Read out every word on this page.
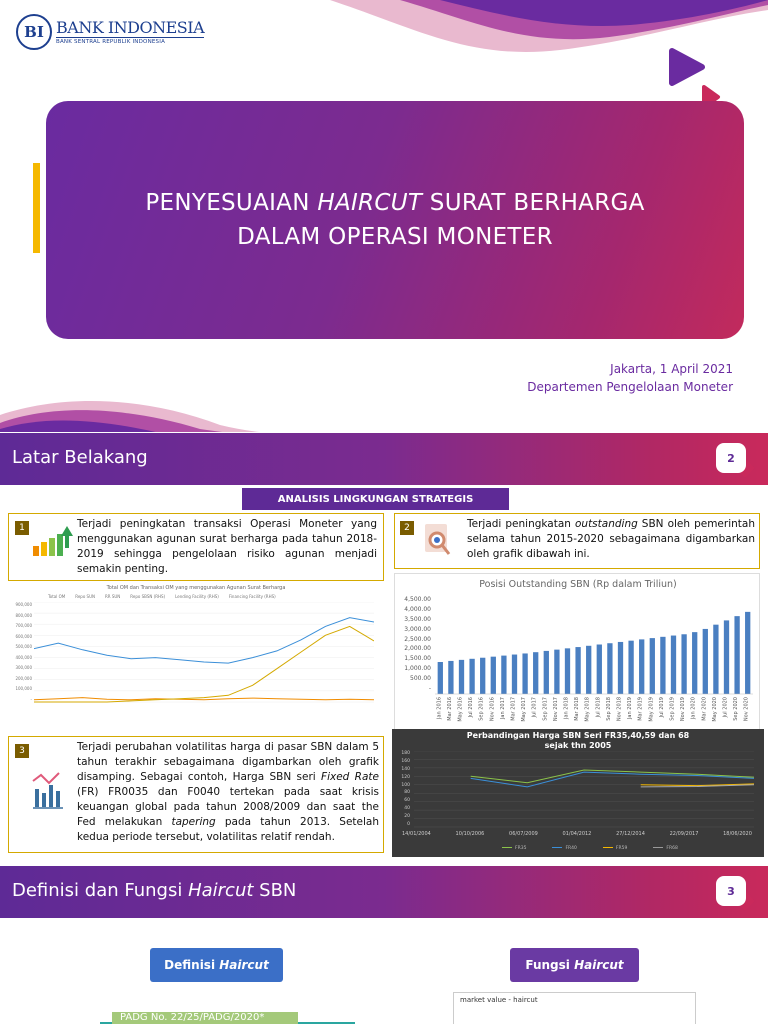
BI BANK INDONESIA
BANK SENTRAL REPUBLIK INDONESIA
PENYESUAIAN HAIRCUT SURAT BERHARGA
DALAM OPERASI MONETER
Jakarta, 1 April 2021
Departemen Pengelolaan Moneter
Latar Belakang	2
ANALISIS LINGKUNGAN STRATEGIS
1	Terjadi peningkatan transaksi Operasi Moneter yang menggunakan agunan surat berharga pada tahun 2018-2019 sehingga pengelolaan risiko agunan menjadi semakin penting.
2	Terjadi peningkatan outstanding SBN oleh pemerintah selama tahun 2015-2020 sebagaimana digambarkan oleh grafik dibawah ini.
Total OM dan Transaksi OM yang menggunakan Agunan Surat Berharga
Total OM	Repo SUN	RR SUN	Repo SBSN (RHS)	Lending Facility (RHS)	Financing Facility (RHS)
900,000
800,000
700,000
600,000
500,000
400,000
300,000
200,000
100,000
-
Posisi Outstanding SBN (Rp dalam Triliun)
4,500.00
4,000.00
3,500.00
3,000.00
2,500.00
2,000.00
1,500.00
1,000.00
500.00
-
Jan 2016 Mar 2016 May 2016 Jul 2016 Sep 2016 Nov 2016 Jan 2017 Mar 2017 May 2017 Jul 2017 Sep 2017 Nov 2017 Jan 2018 Mar 2018 May 2018 Jul 2018 Sep 2018 Nov 2018 Jan 2019 Mar 2019 May 2019 Jul 2019 Sep 2019 Nov 2019 Jan 2020 Mar 2020 May 2020 Jul 2020 Sep 2020 Nov 2020
3	Terjadi perubahan volatilitas harga di pasar SBN dalam 5 tahun terakhir sebagaimana digambarkan oleh grafik disamping. Sebagai contoh, Harga SBN seri Fixed Rate (FR) FR0035 dan F0040 tertekan pada saat krisis keuangan global pada tahun 2008/2009 dan saat the Fed melakukan tapering pada tahun 2013. Setelah kedua periode tersebut, volatilitas relatif rendah.
Perbandingan Harga SBN Seri FR35,40,59 dan 68
sejak thn 2005
180
160
140
120
100
80
60
40
20
0
14/01/2004	10/10/2006	06/07/2009	01/04/2012	27/12/2014	22/09/2017	18/06/2020
FR35	FR40	FR59	FR68
Definisi dan Fungsi Haircut SBN	3
Definisi
Haircut	Fungsi
Haircut
PADG No. 22/25/PADG/2020*
market value - haircut
